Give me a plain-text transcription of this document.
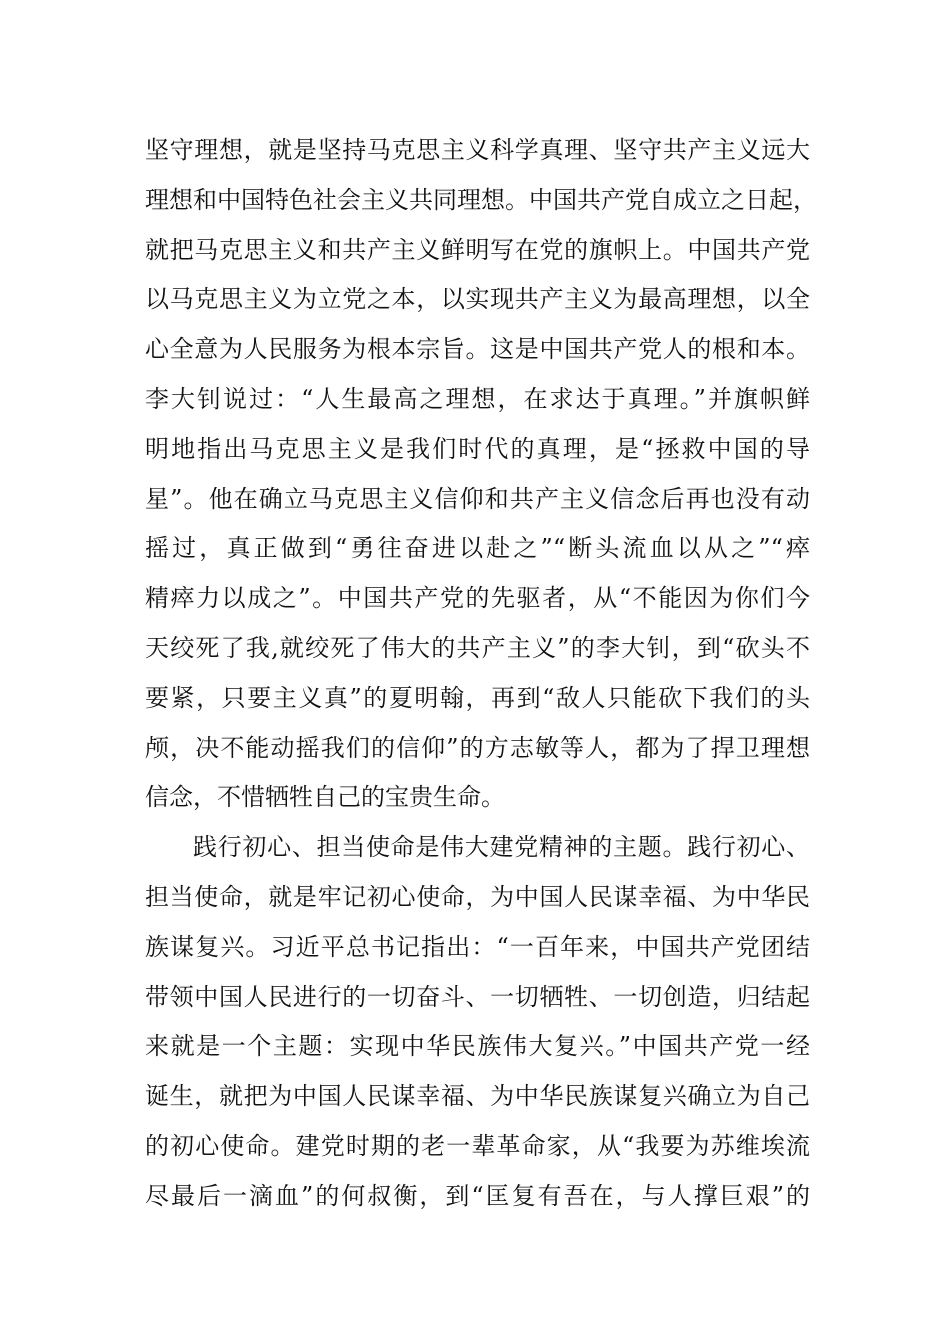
坚守理想，就是坚持马克思主义科学真理、坚守共产主义远大
理想和中国特色社会主义共同理想。中国共产党自成立之日起，
就把马克思主义和共产主义鲜明写在党的旗帜上。中国共产党
以马克思主义为立党之本，以实现共产主义为最高理想，以全
心全意为人民服务为根本宗旨。这是中国共产党人的根和本。
李大钊说过：“人生最高之理想，在求达于真理。”并旗帜鲜
明地指出马克思主义是我们时代的真理，是“拯救中国的导
星”。他在确立马克思主义信仰和共产主义信念后再也没有动
摇过，真正做到“勇往奋进以赴之”“断头流血以从之”“瘁
精瘁力以成之”。中国共产党的先驱者，从“不能因为你们今
天绞死了我,就绞死了伟大的共产主义”的李大钊，到“砍头不
要紧，只要主义真”的夏明翰，再到“敌人只能砍下我们的头
颅，决不能动摇我们的信仰”的方志敏等人，都为了捍卫理想
信念，不惜牺牲自己的宝贵生命。
践行初心、担当使命是伟大建党精神的主题。践行初心、
担当使命，就是牢记初心使命，为中国人民谋幸福、为中华民
族谋复兴。习近平总书记指出：“一百年来，中国共产党团结
带领中国人民进行的一切奋斗、一切牺牲、一切创造，归结起
来就是一个主题：实现中华民族伟大复兴。”中国共产党一经
诞生，就把为中国人民谋幸福、为中华民族谋复兴确立为自己
的初心使命。建党时期的老一辈革命家，从“我要为苏维埃流
尽最后一滴血”的何叔衡，到“匡复有吾在，与人撑巨艰”的
